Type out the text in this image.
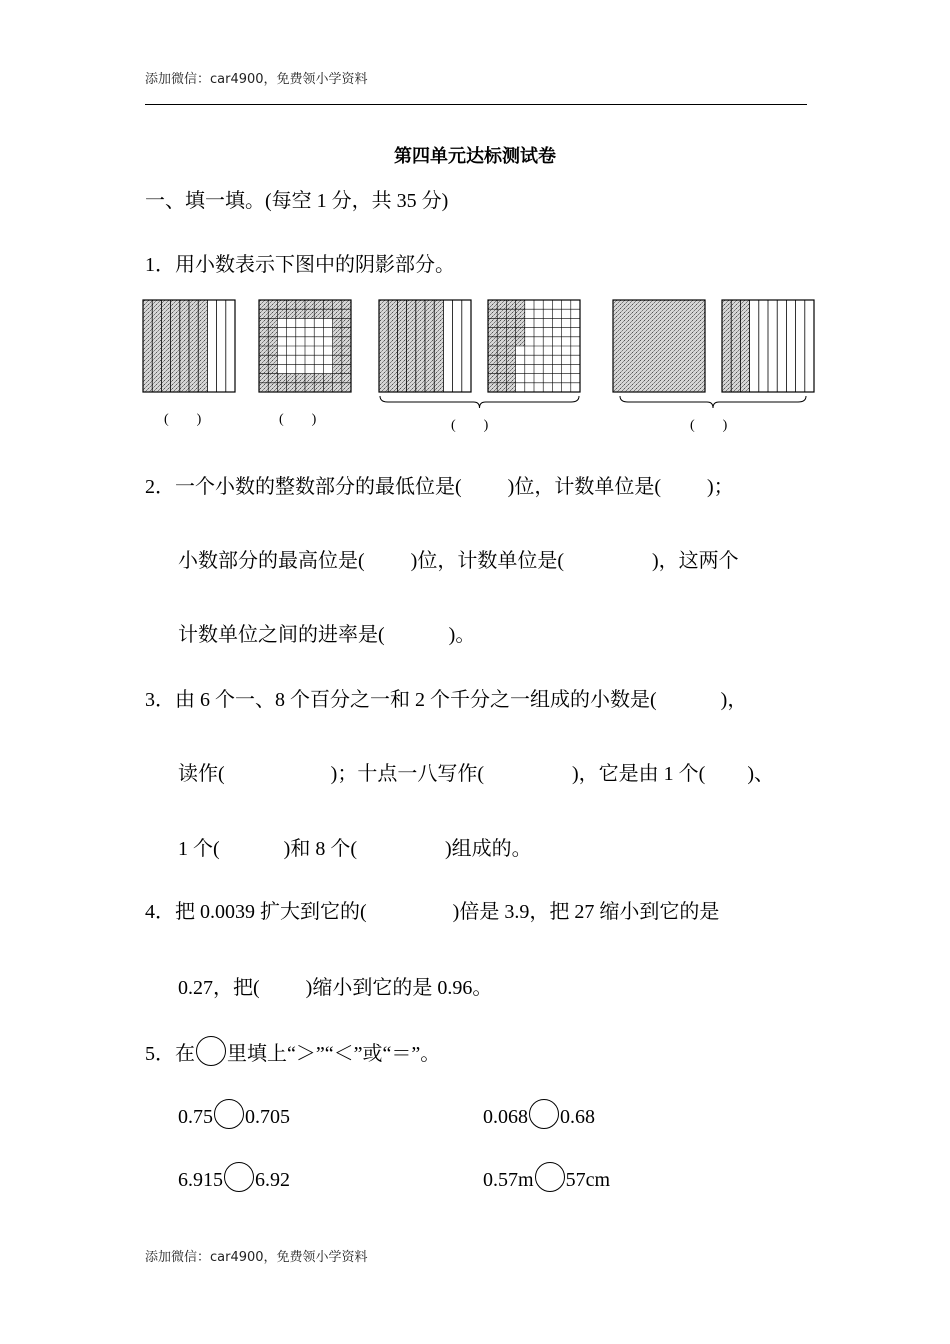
添加微信：car4900，免费领小学资料
第四单元达标测试卷
一、填一填。(每空 1 分，共 35 分)
1．用小数表示下图中的阴影部分。
(　　)	(　　)	(　　)	(　　)
2．一个小数的整数部分的最低位是( )位，计数单位是( )；
小数部分的最高位是( )位，计数单位是(	)，这两个
计数单位之间的进率是(	)。
3．由 6 个一、8 个百分之一和 2 个千分之一组成的小数是(	)，
读作(	)；十点一八写作(	)，它是由 1 个( )、
1 个(	)和 8 个(	)组成的。
4．把 0.0039 扩大到它的(	)倍是 3.9，把 27 缩小到它的是
0.27，把( )缩小到它的是 0.96。
5．在 里填上“＞”“＜”或“＝”。
0.75 0.705	0.068 0.68
6.915 6.92	0.57m 57cm
添加微信：car4900，免费领小学资料
